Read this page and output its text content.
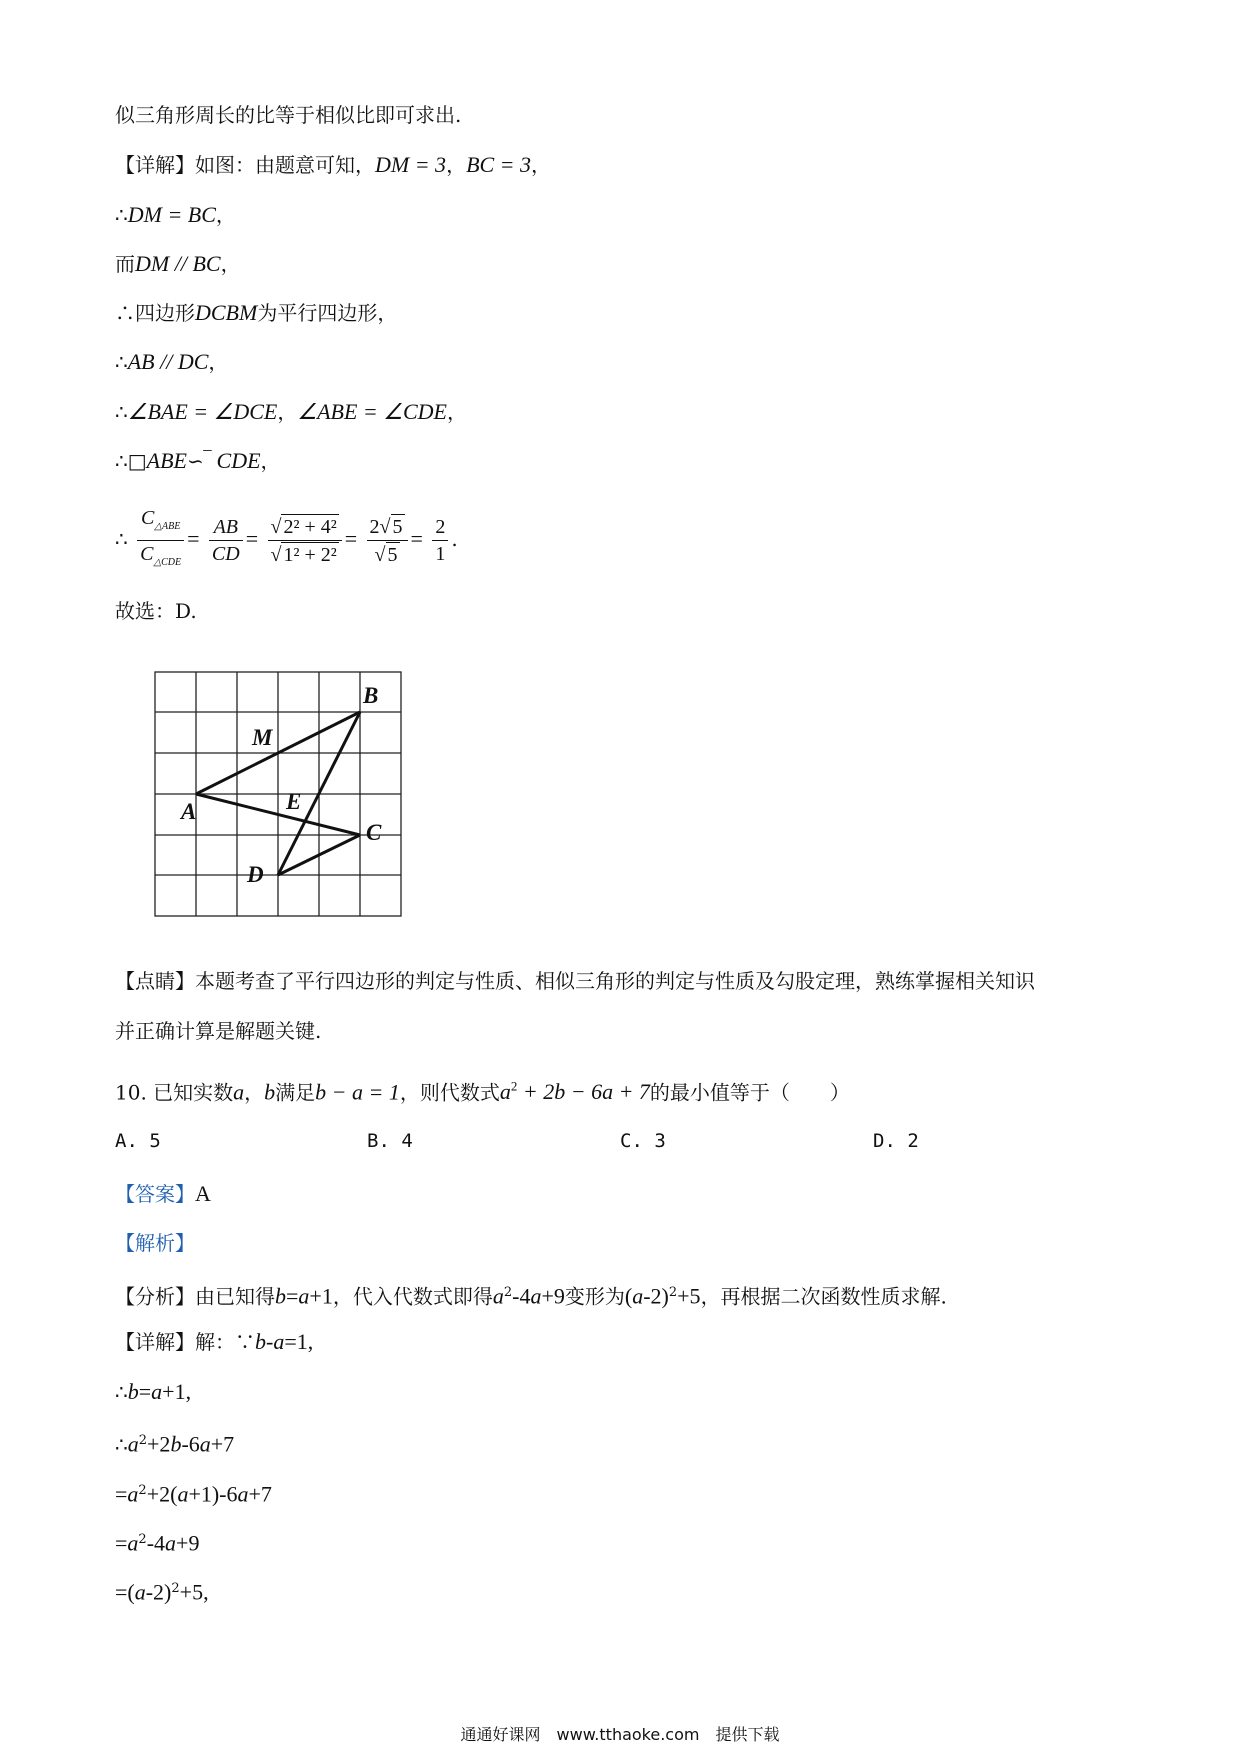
似三角形周长的比等于相似比即可求出.
【详解】如图：由题意可知，DM = 3，BC = 3，
∴DM = BC，
而DM // BC，
∴四边形DCBM为平行四边形，
∴AB // DC，
∴∠BAE = ∠DCE，∠ABE = ∠CDE，
∴□ABE∽‾ CDE，
∴ $\frac{C_{\triangle ABE}}{C_{\triangle CDE}} = \frac{AB}{CD} = \frac{\text{√ 2² + 4²}}{\text{√ 1² + 2²}} = \frac{2√ 5}{√ 5} = \frac{2}{1}$ .
故选：D.
A
B
C
D
E
M
【点睛】本题考查了平行四边形的判定与性质、相似三角形的判定与性质及勾股定理，熟练掌握相关知识
并正确计算是解题关键.
10. 已知实数a，b满足b − a = 1，则代数式$a^2 + 2b - 6a + 7$的最小值等于（　　）
A. 5	B. 4	C. 3	D. 2
【答案】A
【解析】
【分析】由已知得b=a+1，代入代数式即得$a^2-4a+9$变形为$(a-2)^2+5$，再根据二次函数性质求解.
【详解】解：∵b-a=1,
∴b=a+1,
$\therefore a^2+2b-6a+7$
$=a^2+2(a+1)-6a+7$
$=a^2-4a+9$
$=(a-2)^2+5$,
通通好课网　www.tthaoke.com　提供下载
